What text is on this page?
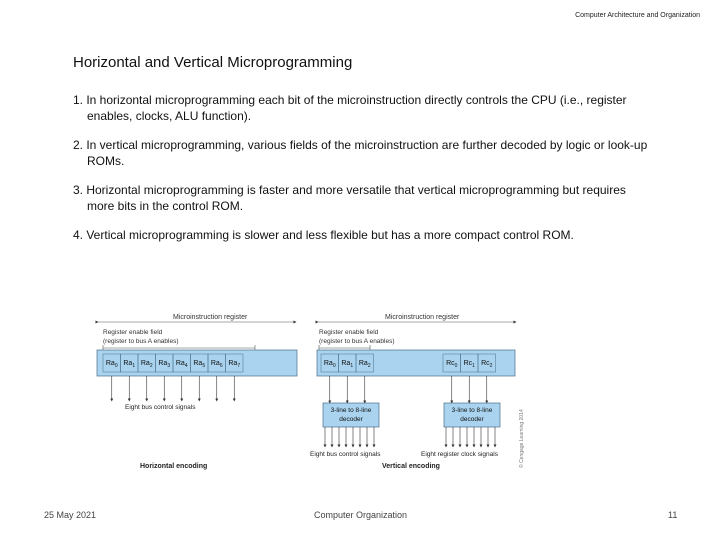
Computer Architecture and Organization
Horizontal and Vertical Microprogramming
1. In horizontal microprogramming each bit of the microinstruction directly controls the CPU (i.e., register
enables, clocks, ALU function).
2. In vertical microprogramming, various fields of the microinstruction are further decoded by logic or look-up
ROMs.
3. Horizontal microprogramming is faster and more versatile that vertical microprogramming but requires
more bits in the control ROM.
4. Vertical microprogramming is slower and less flexible but has a more compact control ROM.
Microinstruction register
Register enable field
(register to bus A enables)
$Ra_0$ $Ra_1$ $Ra_2$ $Ra_3$ $Ra_4$ $Ra_5$ $Ra_6$ $Ra_7$
Eight bus control signals
Horizontal encoding
Microinstruction register
Register enable field
(register to bus A enables)
$Ra_0$ $Ra_1$ $Ra_2$	$Rc_0$ $Rc_1$ $Rc_2$
3-line to 8-line
decoder
3-line to 8-line
decoder
Eight bus control signals	Eight register clock signals
Vertical encoding	© Cengage Learning 2014
25 May 2021	Computer Organization	11
